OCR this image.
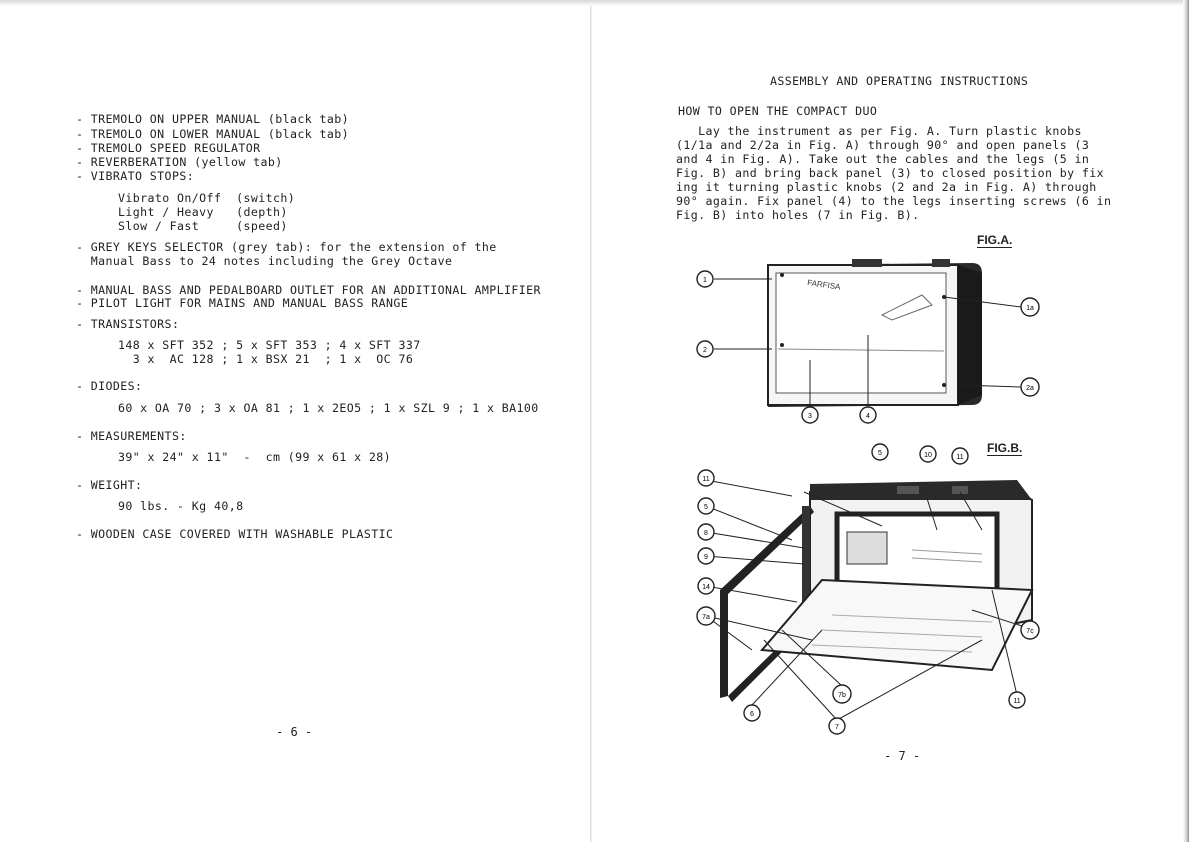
- TREMOLO ON UPPER MANUAL (black tab)
- TREMOLO ON LOWER MANUAL (black tab)
- TREMOLO SPEED REGULATOR
- REVERBERATION (yellow tab)
- VIBRATO STOPS:
Vibrato On/Off  (switch)
Light / Heavy   (depth)
Slow / Fast     (speed)
- GREY KEYS SELECTOR (grey tab): for the extension of the
Manual Bass to 24 notes including the Grey Octave
- MANUAL BASS AND PEDALBOARD OUTLET FOR AN ADDITIONAL AMPLIFIER
- PILOT LIGHT FOR MAINS AND MANUAL BASS RANGE
- TRANSISTORS:
148 x SFT 352 ; 5 x SFT 353 ; 4 x SFT 337
3 x  AC 128 ; 1 x BSX 21  ; 1 x  OC 76
- DIODES:
60 x OA 70 ; 3 x OA 81 ; 1 x 2EO5 ; 1 x SZL 9 ; 1 x BA100
- MEASUREMENTS:
39" x 24" x 11"  -  cm (99 x 61 x 28)
- WEIGHT:
90 lbs. - Kg 40,8
- WOODEN CASE COVERED WITH WASHABLE PLASTIC
- 6 -
ASSEMBLY AND OPERATING INSTRUCTIONS
HOW TO OPEN THE COMPACT DUO
Lay the instrument as per Fig. A. Turn plastic knobs
(1/1a and 2/2a in Fig. A) through 90° and open panels (3
and 4 in Fig. A). Take out the cables and the legs (5 in
Fig. B) and bring back panel (3) to closed position by fix
ing it turning plastic knobs (2 and 2a in Fig. A) through
90° again. Fix panel (4) to the legs inserting screws (6 in
Fig. B) into holes (7 in Fig. B).
FIG.A.
FIG.B.
FARFISA
1
2
3	4
1a
2a
5	10	11
11
5
8
9
14
7a
7b
6
7
7c
11
- 7 -
